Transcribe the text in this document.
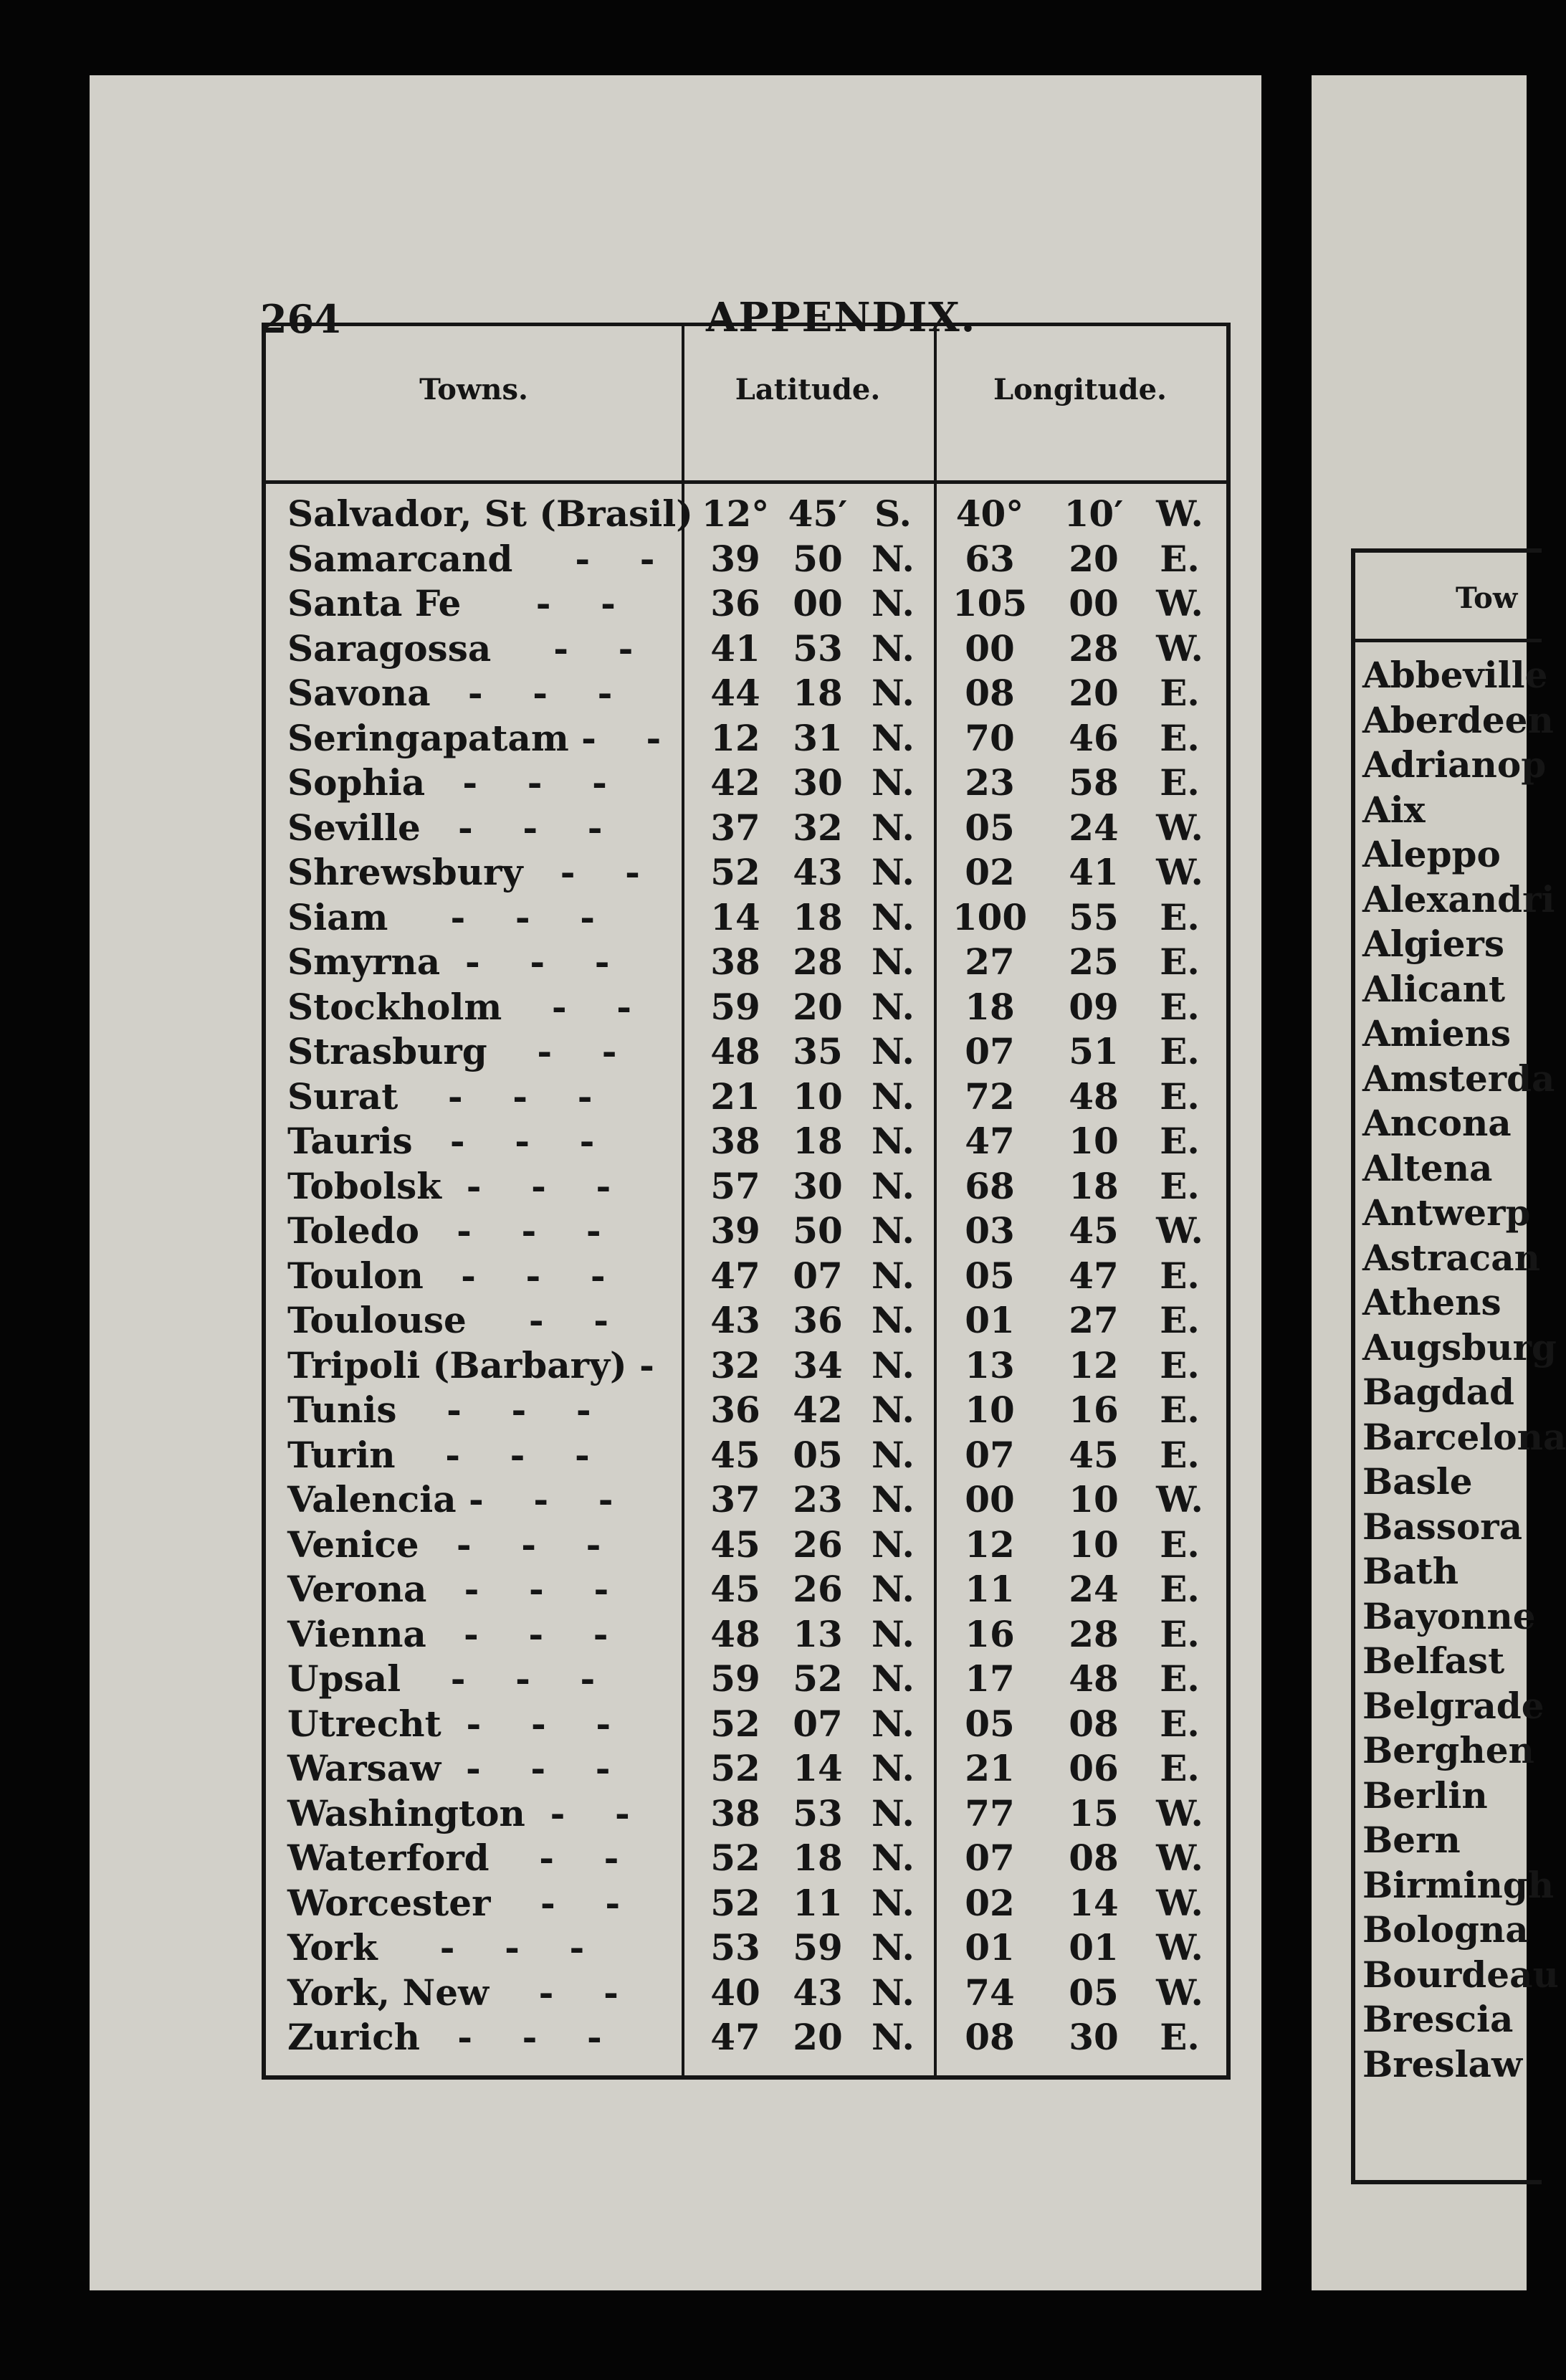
264	APPENDIX.
Towns.	Latitude.	Longitude.
Salvador, St (Brasil) 12° 45′ S.	40°	10′ W.
Samarcand     -    -	39 50 N.	63	20	E.
Santa Fe      -    -	36 00 N.	105	00	W.
Saragossa     -    -	41 53 N.	00	28	W.
Savona   -    -    -	44 18 N.	08	20	E.
Seringapatam -    -	12 31 N.	70	46	E.
Sophia   -    -    -	42 30 N.	23	58	E.
Seville   -    -    -	37 32 N.	05	24	W.
Shrewsbury   -    -	52 43 N.	02	41	W.
Siam     -    -    -	14 18 N.	100	55	E.
Smyrna  -    -    -	38 28 N.	27	25	E.
Stockholm    -    -	59 20 N.	18	09	E.
Strasburg    -    -	48 35 N.	07	51	E.
Surat    -    -    -	21 10 N.	72	48	E.
Tauris   -    -    -	38 18 N.	47	10	E.
Tobolsk  -    -    -	57 30 N.	68	18	E.
Toledo   -    -    -	39 50 N.	03	45	W.
Toulon   -    -    -	47 07 N.	05	47	E.
Toulouse     -    -	43 36 N.	01	27	E.
Tripoli (Barbary) -	32 34 N.	13	12	E.
Tunis    -    -    -	36 42 N.	10	16	E.
Turin    -    -    -	45 05 N.	07	45	E.
Valencia -    -    -	37 23 N.	00	10	W.
Venice   -    -    -	45 26 N.	12	10	E.
Verona   -    -    -	45 26 N.	11	24	E.
Vienna   -    -    -	48 13 N.	16	28	E.
Upsal    -    -    -	59 52 N.	17	48	E.
Utrecht  -    -    -	52 07 N.	05	08	E.
Warsaw  -    -    -	52 14 N.	21	06	E.
Washington  -    -	38 53 N.	77	15	W.
Waterford    -    -	52 18 N.	07	08	W.
Worcester    -    -	52 11 N.	02	14	W.
York     -    -    -	53 59 N.	01	01	W.
York, New    -    -	40 43 N.	74	05	W.
Zurich   -    -    -	47 20 N.	08	30	E.
Tow
Abbeville
Aberdeen
Adrianop
Aix
Aleppo
Alexandri
Algiers
Alicant
Amiens
Amsterda
Ancona
Altena
Antwerp
Astracan
Athens
Augsburg
Bagdad
Barcelona
Basle
Bassora
Bath
Bayonne
Belfast
Belgrade
Berghen
Berlin
Bern
Birmingh
Bologna
Bourdeau
Brescia
Breslaw
